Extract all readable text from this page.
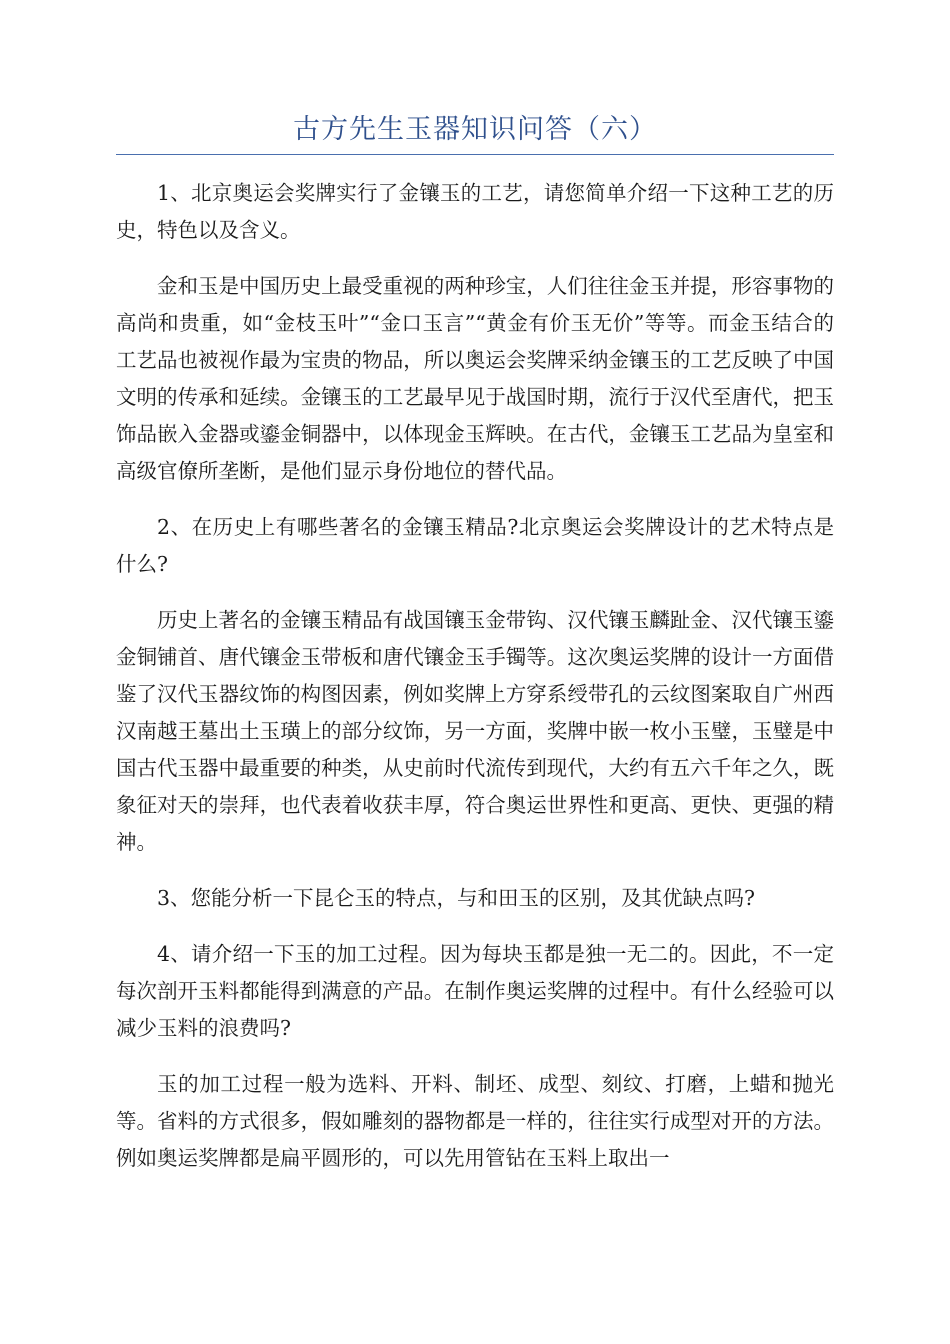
古方先生玉器知识问答（六）

1、北京奥运会奖牌实行了金镶玉的工艺，请您简单介绍一下这种工艺的历史，特色以及含义。

金和玉是中国历史上最受重视的两种珍宝，人们往往金玉并提，形容事物的高尚和贵重，如“金枝玉叶”“金口玉言”“黄金有价玉无价”等等。而金玉结合的工艺品也被视作最为宝贵的物品，所以奥运会奖牌采纳金镶玉的工艺反映了中国文明的传承和延续。金镶玉的工艺最早见于战国时期，流行于汉代至唐代，把玉饰品嵌入金器或鎏金铜器中，以体现金玉辉映。在古代，金镶玉工艺品为皇室和高级官僚所垄断，是他们显示身份地位的替代品。

2、在历史上有哪些著名的金镶玉精品?北京奥运会奖牌设计的艺术特点是什么?

历史上著名的金镶玉精品有战国镶玉金带钩、汉代镶玉麟趾金、汉代镶玉鎏金铜铺首、唐代镶金玉带板和唐代镶金玉手镯等。这次奥运奖牌的设计一方面借鉴了汉代玉器纹饰的构图因素，例如奖牌上方穿系绶带孔的云纹图案取自广州西汉南越王墓出土玉璜上的部分纹饰，另一方面，奖牌中嵌一枚小玉璧，玉璧是中国古代玉器中最重要的种类，从史前时代流传到现代，大约有五六千年之久，既象征对天的崇拜，也代表着收获丰厚，符合奥运世界性和更高、更快、更强的精神。

3、您能分析一下昆仑玉的特点，与和田玉的区别，及其优缺点吗?

4、请介绍一下玉的加工过程。因为每块玉都是独一无二的。因此，不一定每次剖开玉料都能得到满意的产品。在制作奥运奖牌的过程中。有什么经验可以减少玉料的浪费吗?

玉的加工过程一般为选料、开料、制坯、成型、刻纹、打磨，上蜡和抛光等。省料的方式很多，假如雕刻的器物都是一样的，往往实行成型对开的方法。例如奥运奖牌都是扁平圆形的，可以先用管钻在玉料上取出一
